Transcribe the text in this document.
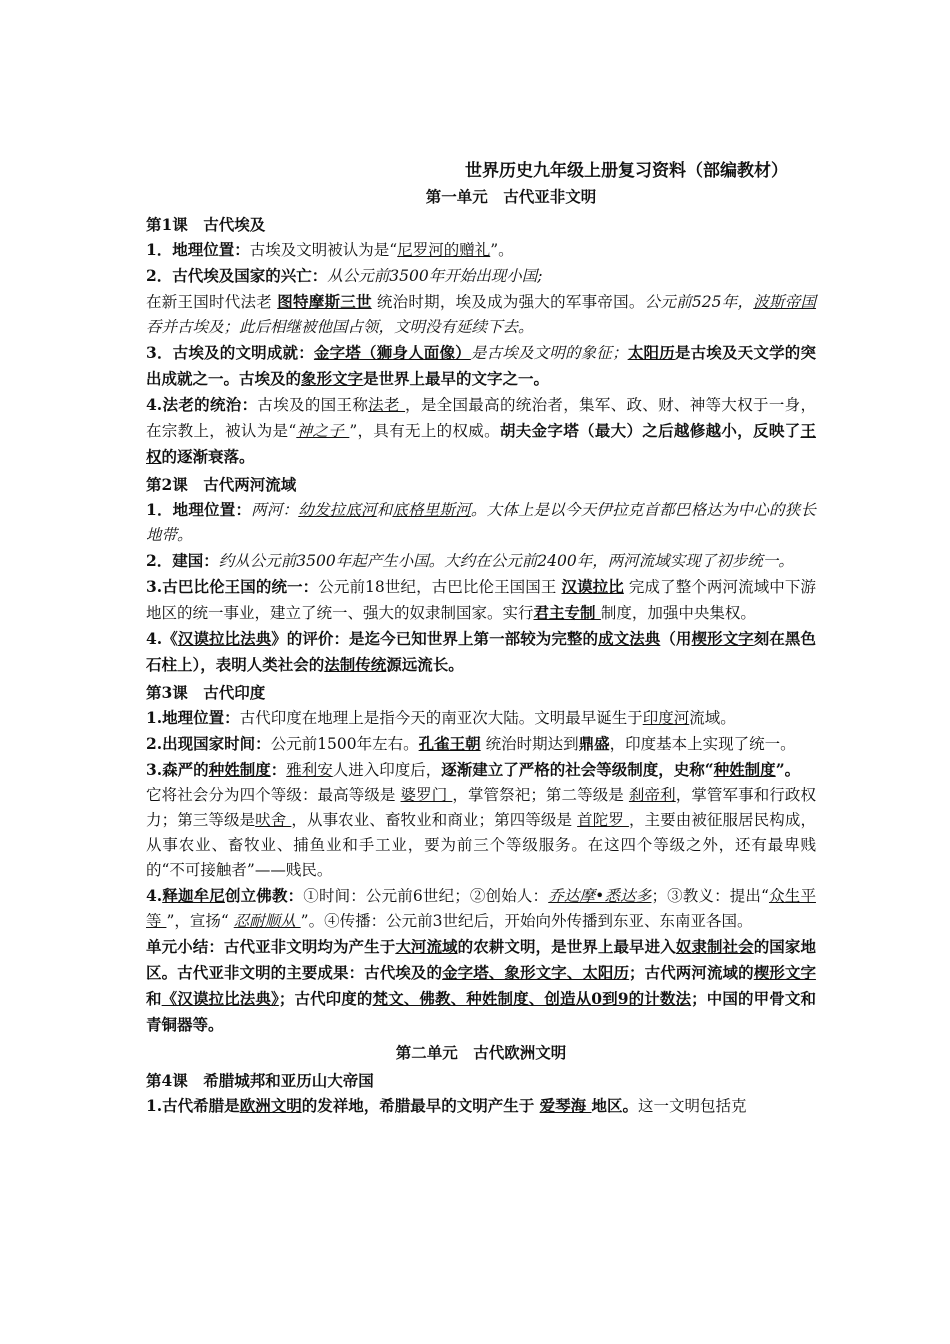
世界历史九年级上册复习资料（部编教材）
第一单元　古代亚非文明
第1课　古代埃及

1．地理位置：古埃及文明被认为是“尼罗河的赠礼”。

2．古代埃及国家的兴亡：从公元前3500年开始出现小国;

在新王国时代法老 图特摩斯三世 统治时期，埃及成为强大的军事帝国。公元前525年，波斯帝国吞并古埃及；此后相继被他国占领，文明没有延续下去。

3．古埃及的文明成就：金字塔（狮身人面像）是古埃及文明的象征；太阳历是古埃及天文学的突出成就之一。古埃及的象形文字是世界上最早的文字之一。

4.法老的统治：古埃及的国王称法老 ，是全国最高的统治者，集军、政、财、神等大权于一身，在宗教上，被认为是“神之子 ”，具有无上的权威。胡夫金字塔（最大）之后越修越小，反映了王权的逐渐衰落。

第2课　古代两河流域

1．地理位置：两河：幼发拉底河和底格里斯河。大体上是以今天伊拉克首都巴格达为中心的狭长地带。

2．建国：约从公元前3500年起产生小国。大约在公元前2400年，两河流域实现了初步统一。

3.古巴比伦王国的统一：公元前18世纪，古巴比伦王国国王 汉谟拉比 完成了整个两河流域中下游地区的统一事业，建立了统一、强大的奴隶制国家。实行君主专制 制度，加强中央集权。

4.《汉谟拉比法典》的评价：是迄今已知世界上第一部较为完整的成文法典（用楔形文字刻在黑色石柱上），表明人类社会的法制传统源远流长。

第3课　古代印度

1.地理位置：古代印度在地理上是指今天的南亚次大陆。文明最早诞生于印度河流域。

2.出现国家时间：公元前1500年左右。孔雀王朝 统治时期达到鼎盛，印度基本上实现了统一。

3.森严的种姓制度：雅利安人进入印度后，逐渐建立了严格的社会等级制度，史称“种姓制度”。

它将社会分为四个等级：最高等级是 婆罗门 ，掌管祭祀；第二等级是 刹帝利，掌管军事和行政权力；第三等级是吠舍 ，从事农业、畜牧业和商业；第四等级是 首陀罗 ，主要由被征服居民构成，从事农业、畜牧业、捕鱼业和手工业，要为前三个等级服务。在这四个等级之外，还有最卑贱的“不可接触者”——贱民。

4.释迦牟尼创立佛教：①时间：公元前6世纪；②创始人：乔达摩•悉达多；③教义：提出“众生平等 ”，宣扬“ 忍耐顺从 ”。④传播：公元前3世纪后，开始向外传播到东亚、东南亚各国。

单元小结：古代亚非文明均为产生于大河流域的农耕文明，是世界上最早进入奴隶制社会的国家地区。古代亚非文明的主要成果：古代埃及的金字塔、象形文字、太阳历；古代两河流域的楔形文字和《汉谟拉比法典》；古代印度的梵文、佛教、种姓制度、创造从0到9的计数法；中国的甲骨文和青铜器等。

第二单元　古代欧洲文明
第4课　希腊城邦和亚历山大帝国

1.古代希腊是欧洲文明的发祥地，希腊最早的文明产生于 爱琴海 地区。这一文明包括克
